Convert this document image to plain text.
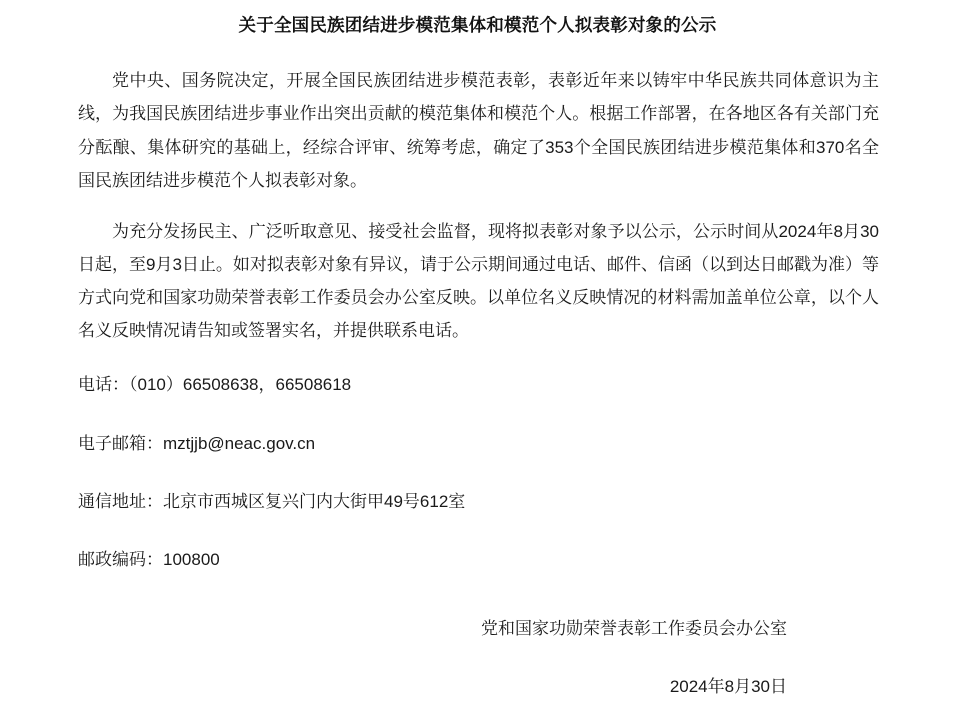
关于全国民族团结进步模范集体和模范个人拟表彰对象的公示

党中央、国务院决定，开展全国民族团结进步模范表彰，表彰近年来以铸牢中华民族共同体意识为主线，为我国民族团结进步事业作出突出贡献的模范集体和模范个人。根据工作部署，在各地区各有关部门充分酝酿、集体研究的基础上，经综合评审、统筹考虑，确定了353个全国民族团结进步模范集体和370名全国民族团结进步模范个人拟表彰对象。

为充分发扬民主、广泛听取意见、接受社会监督，现将拟表彰对象予以公示，公示时间从2024年8月30日起，至9月3日止。如对拟表彰对象有异议，请于公示期间通过电话、邮件、信函（以到达日邮戳为准）等方式向党和国家功勋荣誉表彰工作委员会办公室反映。以单位名义反映情况的材料需加盖单位公章，以个人名义反映情况请告知或签署实名，并提供联系电话。

电话：（010）66508638，66508618

电子邮箱：mztjjb@neac.gov.cn

通信地址：北京市西城区复兴门内大街甲49号612室

邮政编码：100800

党和国家功勋荣誉表彰工作委员会办公室
2024年8月30日
